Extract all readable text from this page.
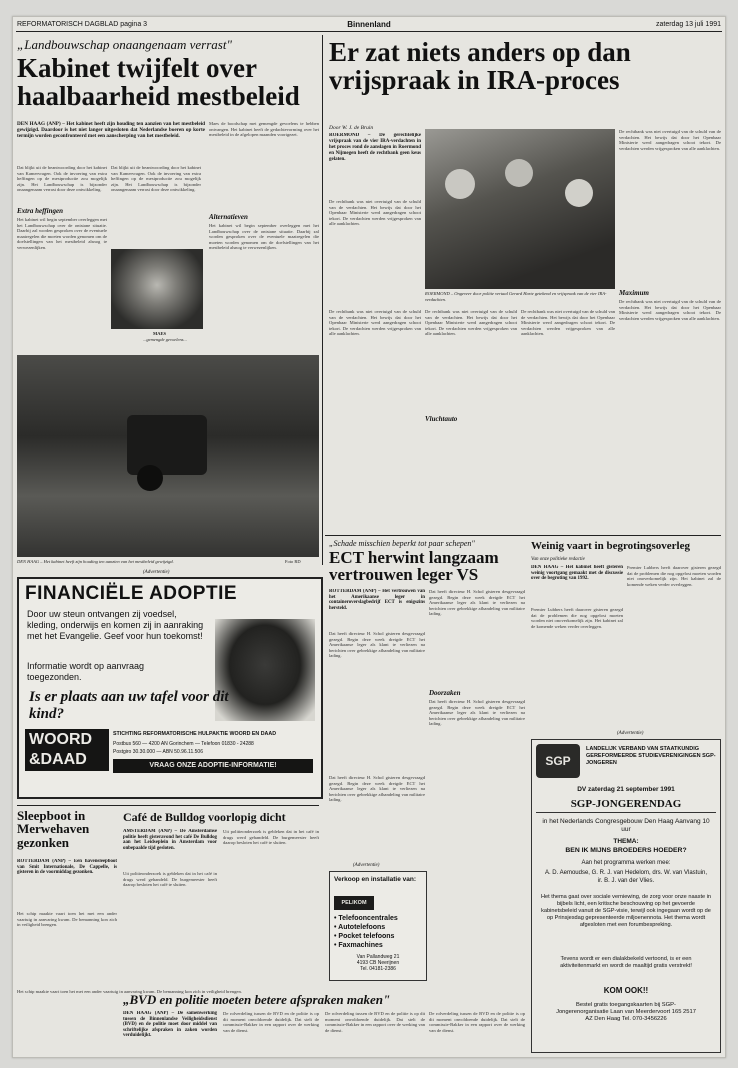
REFORMATORISCH DAGBLAD pagina 3	Binnenland	zaterdag 13 juli 1991
„Landbouwschap onaangenaam verrast"
Kabinet twijfelt over haalbaarheid mestbeleid
DEN HAAG (ANP) – Het kabinet heeft zijn houding ten aanzien van het mestbeleid gewijzigd. Daardoor is het niet langer uitgesloten dat Nederlandse boeren op korte termijn worden geconfronteerd met een aanscherping van het mestbeleid.
Dat blijkt uit de beantwoording door het kabinet van Kamervragen. Ook de invoering van extra heffingen op de mestproductie zou mogelijk zijn. Het Landbouwschap is bijzonder onaangenaam verrast door deze ontwikkeling.
Extra heffingen
Het kabinet wil begin september overleggen met het Landbouwschap over de ontstane situatie. Daarbij zal worden gesproken over de eventuele maatregelen die moeten worden genomen om de doelstellingen van het mestbeleid alsnog te verwezenlijken.
Dat blijkt uit de beantwoording door het kabinet van Kamervragen. Ook de invoering van extra heffingen op de mestproductie zou mogelijk zijn. Het Landbouwschap is bijzonder onaangenaam verrast door deze ontwikkeling.
MAES
...gemengde gevoelens...
Maes de boodschap met gemengde gevoelens te hebben ontvangen. Het kabinet heeft de gedachtevorming over het mestbeleid in de afgelopen maanden voortgezet.
Alternatieven
Het kabinet wil begin september overleggen met het Landbouwschap over de ontstane situatie. Daarbij zal worden gesproken over de eventuele maatregelen die moeten worden genomen om de doelstellingen van het mestbeleid alsnog te verwezenlijken.
DEN HAAG – Het kabinet heeft zijn houding ten aanzien van het mestbeleid gewijzigd.	Foto RD
Er zat niets anders op dan vrijspraak in IRA-proces
Door W. J. de Bruin
ROERMOND – De gerechtelijke vrijspraak van de vier IRA-verdachten in het proces rond de aanslagen in Roermond en Nijmegen heeft de rechtbank geen keus gelaten.
De rechtbank was niet overtuigd van de schuld van de verdachten. Het bewijs dat door het Openbaar Ministerie werd aangedragen schoot tekort. De verdachten werden vrijgesproken van alle aanklachten.
ROERMOND – Ongeveer door politie vertaal Gerard Harte getekend en vrijspraak van de vier IRA-verdachten.
De rechtbank was niet overtuigd van de schuld van de verdachten. Het bewijs dat door het Openbaar Ministerie werd aangedragen schoot tekort. De verdachten werden vrijgesproken van alle aanklachten.
Maximum
De rechtbank was niet overtuigd van de schuld van de verdachten. Het bewijs dat door het Openbaar Ministerie werd aangedragen schoot tekort. De verdachten werden vrijgesproken van alle aanklachten.
De rechtbank was niet overtuigd van de schuld van de verdachten. Het bewijs dat door het Openbaar Ministerie werd aangedragen schoot tekort. De verdachten werden vrijgesproken van alle aanklachten.
De rechtbank was niet overtuigd van de schuld van de verdachten. Het bewijs dat door het Openbaar Ministerie werd aangedragen schoot tekort. De verdachten werden vrijgesproken van alle aanklachten.
Vluchtauto
De rechtbank was niet overtuigd van de schuld van de verdachten. Het bewijs dat door het Openbaar Ministerie werd aangedragen schoot tekort. De verdachten werden vrijgesproken van alle aanklachten.
„Schade misschien beperkt tot paar schepen"
ECT herwint langzaam vertrouwen leger VS
ROTTERDAM (ANP) – Het vertrouwen van het Amerikaanse leger in containeroverslagbedrijf ECT is enigszins hersteld.
Dat heeft directeur H. Schol gisteren desgevraagd gezegd. Begin deze week dreigde ECT het Amerikaanse leger als klant te verliezen na berichten over gebrekkige afhandeling van militaire lading.
Dat heeft directeur H. Schol gisteren desgevraagd gezegd. Begin deze week dreigde ECT het Amerikaanse leger als klant te verliezen na berichten over gebrekkige afhandeling van militaire lading.
Doorzaken
Dat heeft directeur H. Schol gisteren desgevraagd gezegd. Begin deze week dreigde ECT het Amerikaanse leger als klant te verliezen na berichten over gebrekkige afhandeling van militaire lading.
Dat heeft directeur H. Schol gisteren desgevraagd gezegd. Begin deze week dreigde ECT het Amerikaanse leger als klant te verliezen na berichten over gebrekkige afhandeling van militaire lading.
Weinig vaart in begrotingsoverleg
Van onze politieke redactie
DEN HAAG – Het kabinet heeft gisteren weinig voortgang gemaakt met de discussie over de begroting van 1992.
Premier Lubbers heeft daarover gisteren gezegd dat de problemen die nog opgelost moeten worden niet onoverkomelijk zijn. Het kabinet zal de komende weken verder overleggen.
Premier Lubbers heeft daarover gisteren gezegd dat de problemen die nog opgelost moeten worden niet onoverkomelijk zijn. Het kabinet zal de komende weken verder overleggen.
(Advertentie)
SGP
LANDELIJK VERBAND VAN STAATKUNDIG GEREFORMEERDE STUDIEVERENIGINGEN SGP-JONGEREN
DV zaterdag 21 september 1991
SGP-JONGERENDAG
in het Nederlands Congresgebouw Den Haag Aanvang 10 uur
THEMA:
BEN IK MIJNS BROEDERS HOEDER?
Aan het programma werken mee:
A. D. Aemoudse, G. R. J. van Hedelom, drs. W. van Vlastuin, ir. B. J. van der Vlies.
Het thema gaat over sociale verniewing, de zorg voor onze naaste in bijbels licht, een kritische beschouwing op het gevoerde kabinetsbeleid vanuit de SGP-visie, terwijl ook ingegaan wordt op de op Prinsjesdag gepresenteerde miljoenennota. Het thema wordt afgesloten met een forumbespreking.
Tevens wordt er een dialakbekeld vertoond, is er een aktiviteitenmarkt en wordt de maaltijd gratis verstrekt!
KOM OOK!!
Bestel gratis toegangskaarten bij SGP-Jongerenorganisatie Laan van Meerdervoort 165 2517 AZ Den Haag Tel. 070-3456226
(Advertentie)
FINANCIËLE ADOPTIE
Door uw steun ontvangen zij voedsel, kleding, onderwijs en komen zij in aanraking met het Evangelie. Geef voor hun toekomst!
Informatie wordt op aanvraag toegezonden.
Is er plaats aan uw tafel voor dit kind?
WOORD
&DAAD
STICHTING REFORMATORISCHE HULPAKTIE WOORD EN DAAD
Postbus 560 — 4200 AN Gorinchem — Telefoon 01830 - 24288
Postgiro 30.30.000 — ABN 50.96.11.506
VRAAG ONZE ADOPTIE-INFORMATIE!
Sleepboot in Merwehaven gezonken
ROTTERDAM (ANP) – Een havensleepboot van Smit Internationale, De Cappelle, is gisteren in de voormiddag gezonken.
Het schip maakte vaart toen het met een ander vaartuig in aanvaring kwam. De bemanning kon zich in veiligheid brengen.
Het schip maakte vaart toen het met een ander vaartuig in aanvaring kwam. De bemanning kon zich in veiligheid brengen.
Café de Bulldog voorlopig dicht
AMSTERDAM (ANP) – De Amsterdamse politie heeft gisteravond het café De Bulldog aan het Leidseplein in Amsterdam voor onbepaalde tijd gesloten.
Uit politieonderzoek is gebleken dat in het café in drugs werd gehandeld. De burgemeester heeft daarop besloten het café te sluiten.
Uit politieonderzoek is gebleken dat in het café in drugs werd gehandeld. De burgemeester heeft daarop besloten het café te sluiten.
(Advertentie)
Verkoop en installatie van:
PELIKOM
• Telefooncentrales
• Autotelefoons
• Pocket telefoons
• Faxmachines
Van Pallandweg 21
4193 CB Neerijnen
Tel. 04181-2386
„BVD en politie moeten betere afspraken maken"
DEN HAAG (ANP) – De samenwerking tussen de Binnenlandse Veiligheidsdienst (BVD) en de politie moet door middel van schriftelijke afspraken in zaken worden verduidelijkt.
De rolverdeling tussen de BVD en de politie is op dit moment onvoldoende duidelijk. Dat stelt de commissie-Bakker in een rapport over de werking van de dienst.
De rolverdeling tussen de BVD en de politie is op dit moment onvoldoende duidelijk. Dat stelt de commissie-Bakker in een rapport over de werking van de dienst.
De rolverdeling tussen de BVD en de politie is op dit moment onvoldoende duidelijk. Dat stelt de commissie-Bakker in een rapport over de werking van de dienst.
